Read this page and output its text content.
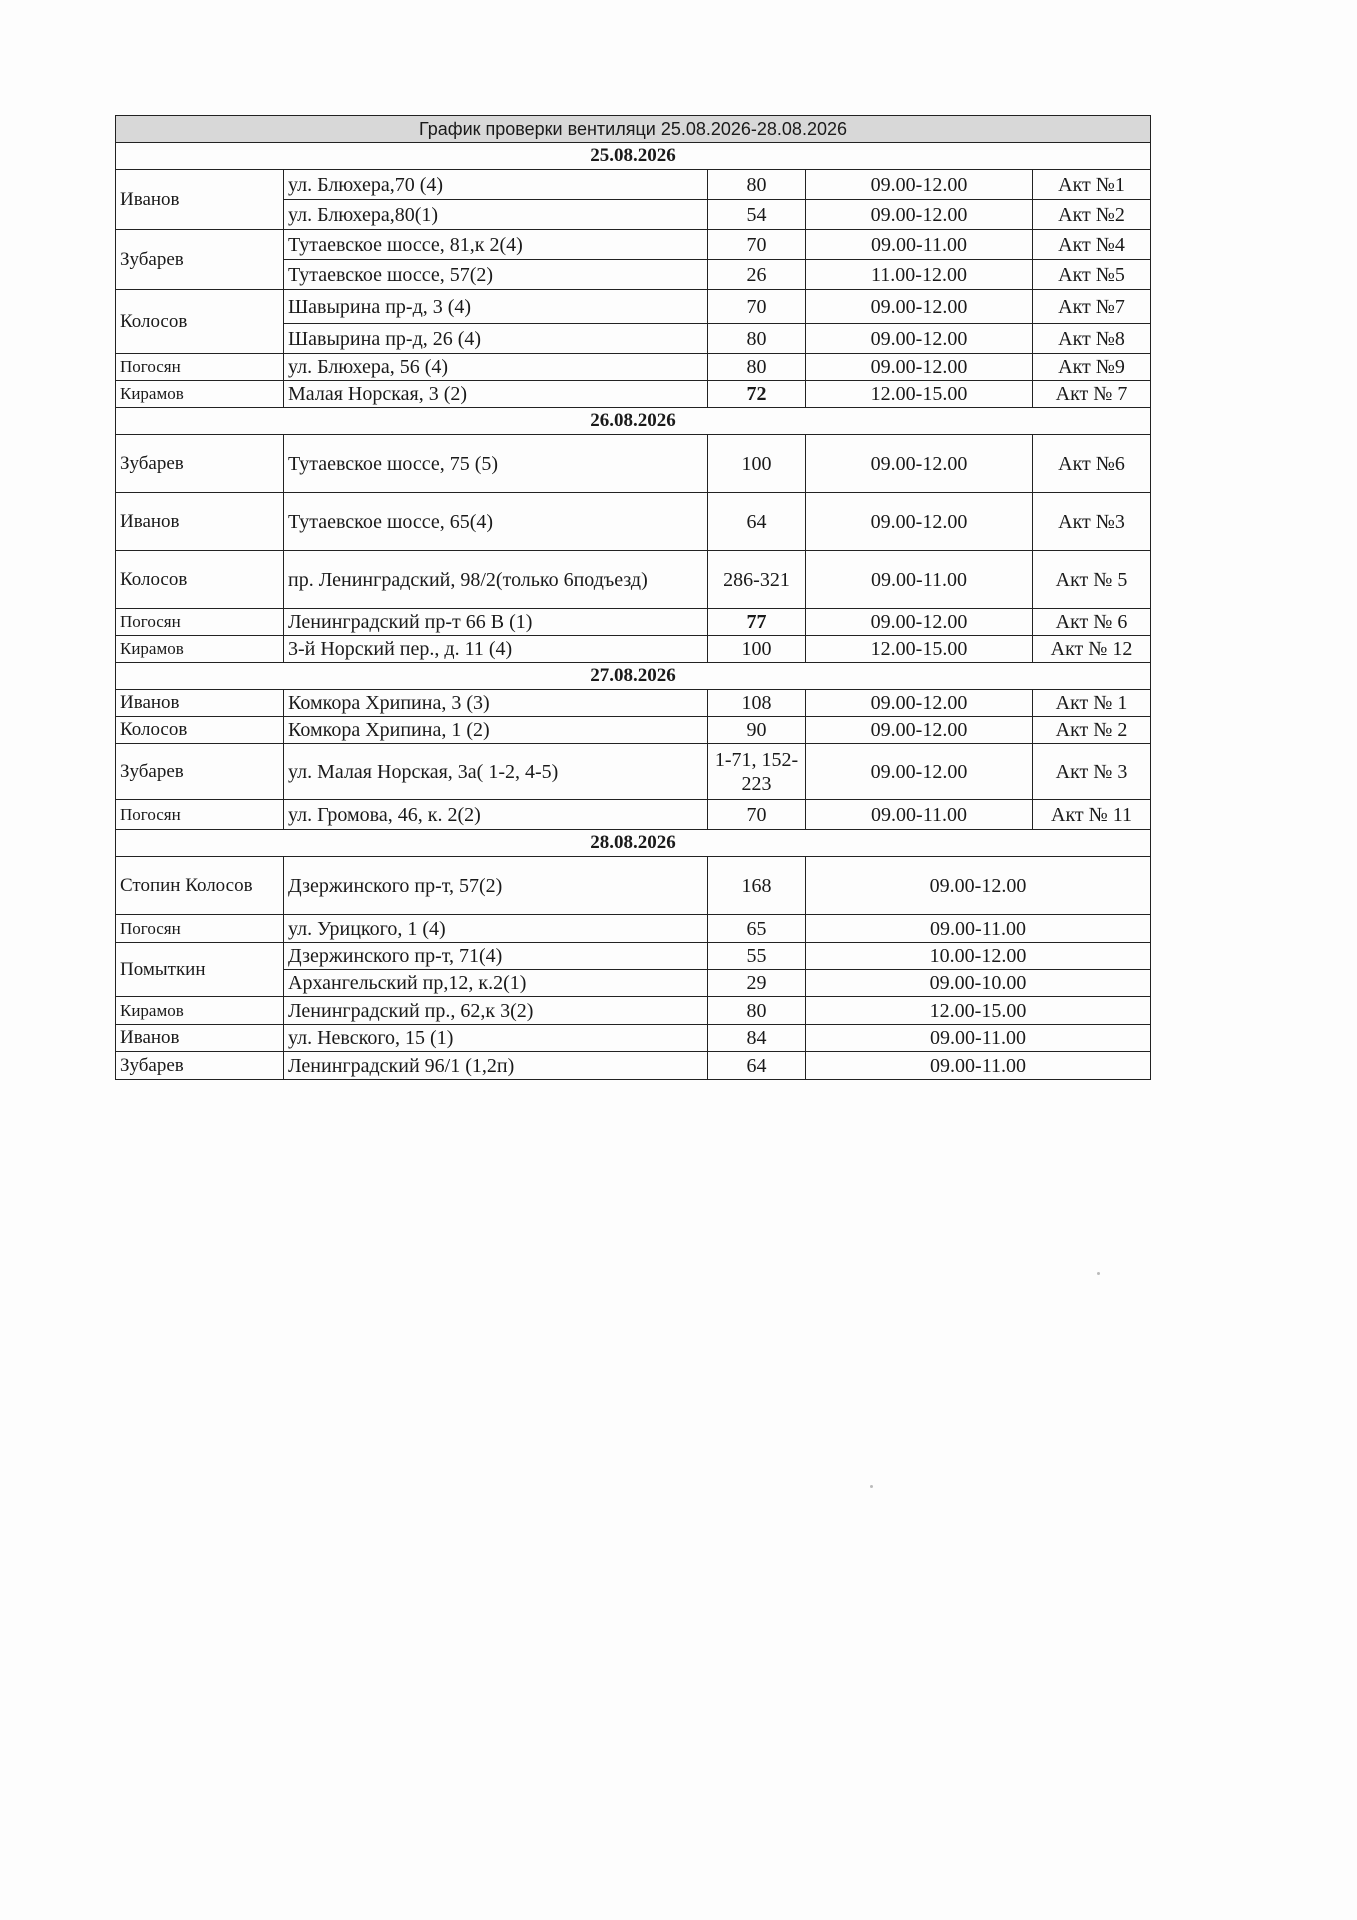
График проверки вентиляци 25.08.2026-28.08.2026				
25.08.2026				
Иванов	ул. Блюхера,70 (4)	80	09.00-12.00	Акт №1
	ул. Блюхера,80(1)	54	09.00-12.00	Акт №2
Зубарев	Тутаевское шоссе, 81,к 2(4)	70	09.00-11.00	Акт №4
	Тутаевское шоссе, 57(2)	26	11.00-12.00	Акт №5
Колосов	Шавырина пр-д, 3 (4)	70	09.00-12.00	Акт №7
	Шавырина пр-д, 26 (4)	80	09.00-12.00	Акт №8
Погосян	ул. Блюхера, 56 (4)	80	09.00-12.00	Акт №9
Кирамов	Малая Норская, 3 (2)	72	12.00-15.00	Акт № 7
26.08.2026				
Зубарев	Тутаевское шоссе, 75 (5)	100	09.00-12.00	Акт №6
Иванов	Тутаевское шоссе, 65(4)	64	09.00-12.00	Акт №3
Колосов	пр. Ленинградский, 98/2(только 6подъезд)	286-321	09.00-11.00	Акт № 5
Погосян	Ленинградский пр-т 66 В (1)	77	09.00-12.00	Акт № 6
Кирамов	3-й Норский пер., д. 11 (4)	100	12.00-15.00	Акт № 12
27.08.2026				
Иванов	Комкора Хрипина, 3 (3)	108	09.00-12.00	Акт № 1
Колосов	Комкора Хрипина, 1 (2)	90	09.00-12.00	Акт № 2
Зубарев	ул. Малая Норская, 3а( 1-2, 4-5)	1-71, 152-223	09.00-12.00	Акт № 3
Погосян	ул. Громова, 46, к. 2(2)	70	09.00-11.00	Акт № 11
28.08.2026				
Стопин Колосов	Дзержинского пр-т, 57(2)	168	09.00-12.00	
Погосян	ул. Урицкого, 1 (4)	65	09.00-11.00	
Помыткин	Дзержинского пр-т, 71(4)	55	10.00-12.00	
	Архангельский пр,12, к.2(1)	29	09.00-10.00	
Кирамов	Ленинградский пр., 62,к 3(2)	80	12.00-15.00	
Иванов	ул. Невского, 15 (1)	84	09.00-11.00	
Зубарев	Ленинградский 96/1 (1,2п)	64	09.00-11.00	
